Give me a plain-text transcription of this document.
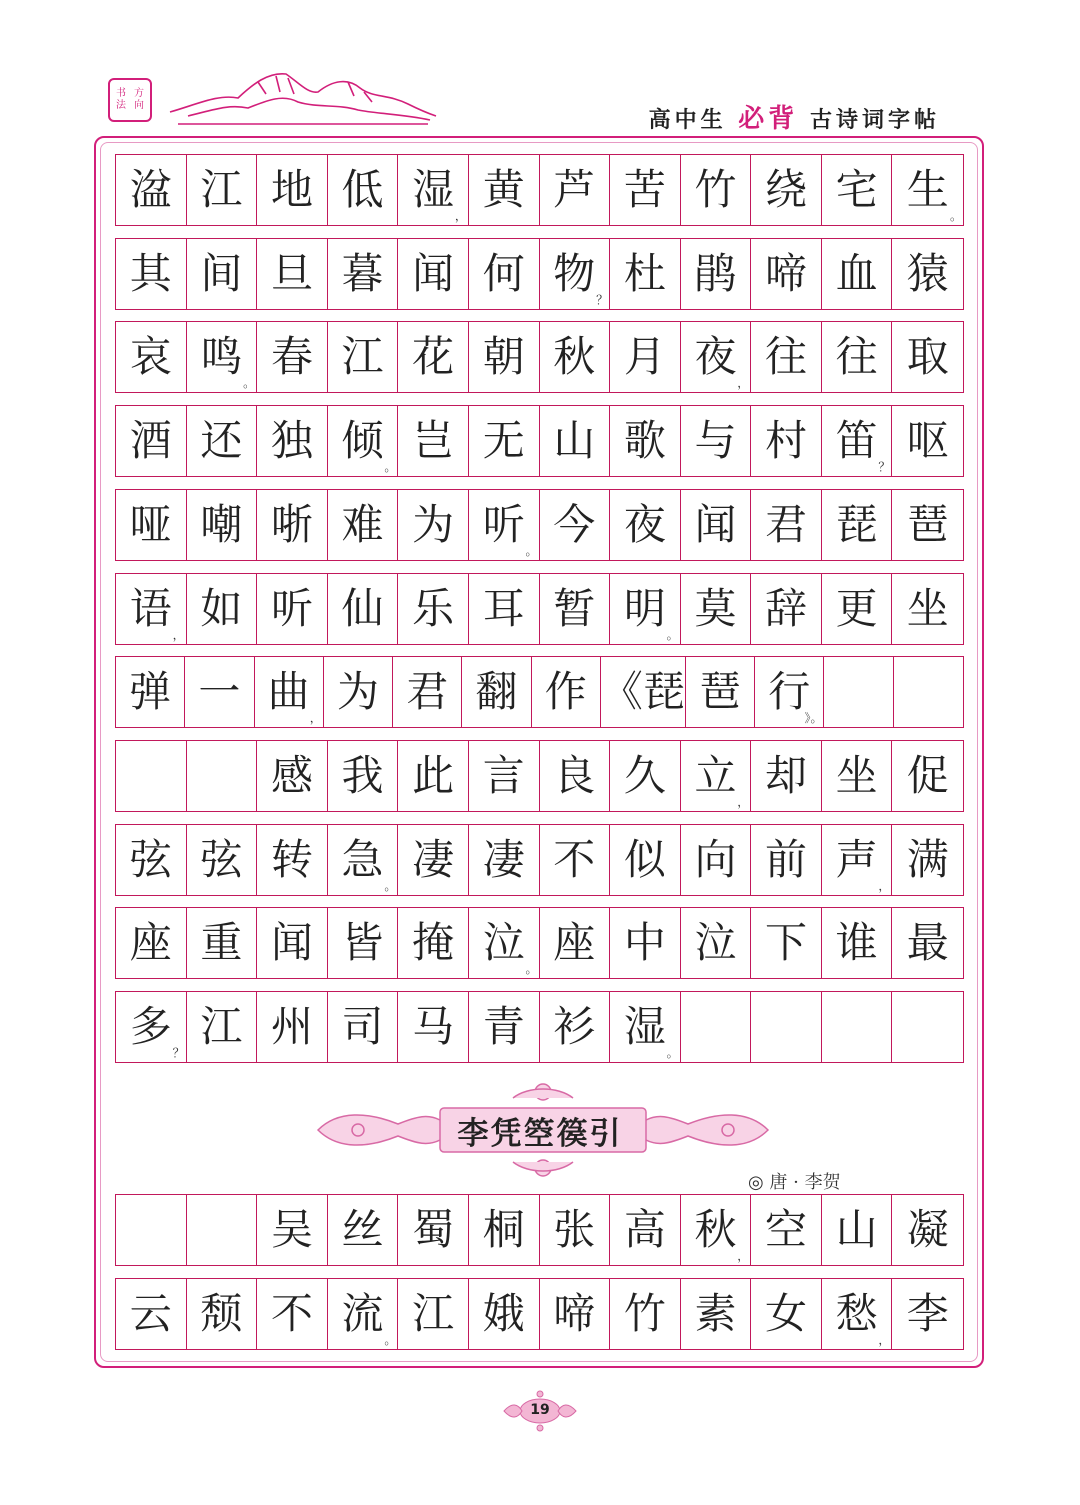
书 方
法 向
高中生 必背 古诗词字帖
湓 江 地 低 湿
，
黄 芦 苦 竹 绕 宅 生
。
其 间 旦 暮 闻 何 物
？
杜 鹃 啼 血 猿
哀 鸣
。
春 江 花 朝 秋 月 夜
，
往 往 取
酒 还 独 倾
。
岂 无 山 歌 与 村 笛
？
呕
哑 嘲 哳 难 为 听
。
今 夜 闻 君 琵 琶
语
，
如 听 仙 乐 耳 暂 明
。
莫 辞 更 坐
弹 一 曲
，
为 君 翻 作 《琵 琶 行
》。
感 我 此 言 良 久 立
，
却 坐 促
弦 弦 转 急
。
凄 凄 不 似 向 前 声
，
满
座 重 闻 皆 掩 泣
。
座 中 泣 下 谁 最
多
？
江 州 司 马 青 衫 湿
。
李凭箜篌引
◎ 唐 · 李贺
吴 丝 蜀 桐 张 高 秋
，
空 山 凝
云 颓 不 流
。
江 娥 啼 竹 素 女 愁
，
李
19
